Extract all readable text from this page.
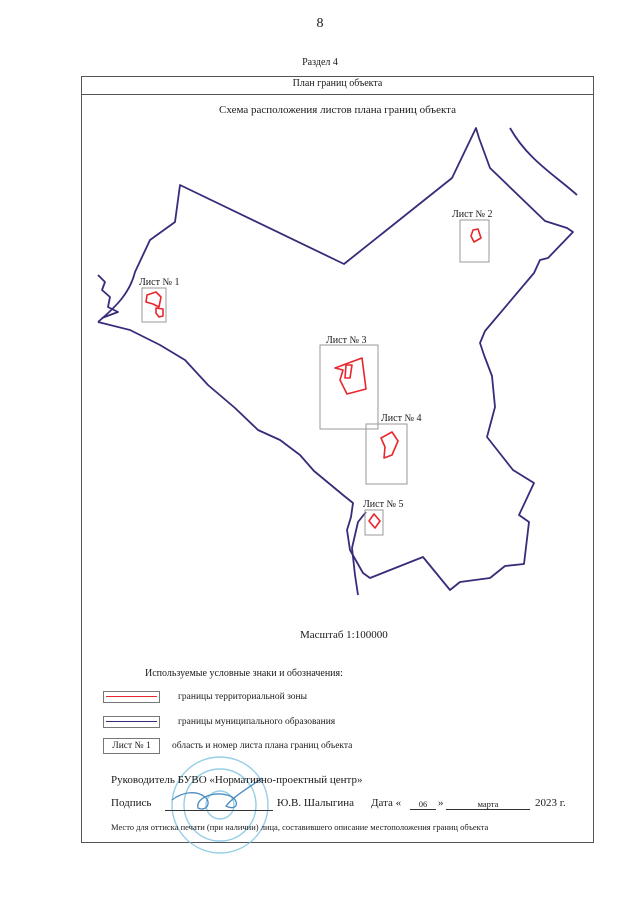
8
Раздел 4
План границ объекта
Схема расположения листов плана границ объекта
Лист № 1
Лист № 2
Лист № 3
Лист № 4
Лист № 5
Масштаб 1:100000
Используемые условные знаки и обозначения:
границы территориальной зоны
границы муниципального образования
Лист № 1	область и номер листа плана границ объекта
Руководитель БУВО «Нормативно-проектный центр»
Подпись	Ю.В. Шалыгина Дата «	06 »	марта	2023 г.
Место для оттиска печати (при наличии) лица, составившего описание местоположения границ объекта
